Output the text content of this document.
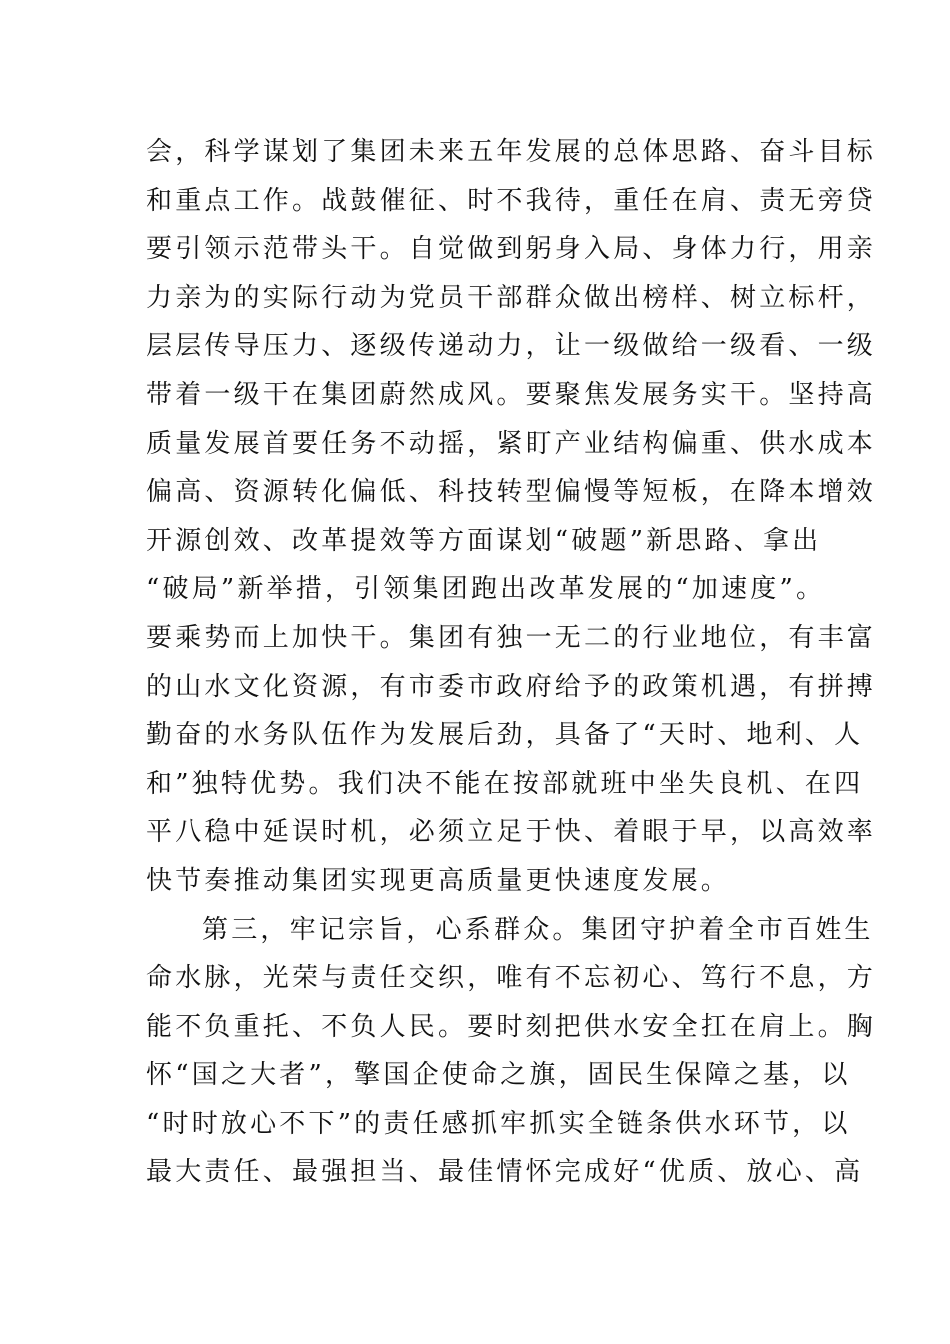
会，科学谋划了集团未来五年发展的总体思路、奋斗目标
和重点工作。战鼓催征、时不我待，重任在肩、责无旁贷
要引领示范带头干。自觉做到躬身入局、身体力行，用亲
力亲为的实际行动为党员干部群众做出榜样、树立标杆，
层层传导压力、逐级传递动力，让一级做给一级看、一级
带着一级干在集团蔚然成风。要聚焦发展务实干。坚持高
质量发展首要任务不动摇，紧盯产业结构偏重、供水成本
偏高、资源转化偏低、科技转型偏慢等短板，在降本增效
开源创效、改革提效等方面谋划“破题”新思路、拿出
“破局”新举措，引领集团跑出改革发展的“加速度”。
要乘势而上加快干。集团有独一无二的行业地位，有丰富
的山水文化资源，有市委市政府给予的政策机遇，有拼搏
勤奋的水务队伍作为发展后劲，具备了“天时、地利、人
和”独特优势。我们决不能在按部就班中坐失良机、在四
平八稳中延误时机，必须立足于快、着眼于早，以高效率
快节奏推动集团实现更高质量更快速度发展。
第三，牢记宗旨，心系群众。集团守护着全市百姓生
命水脉，光荣与责任交织，唯有不忘初心、笃行不息，方
能不负重托、不负人民。要时刻把供水安全扛在肩上。胸
怀“国之大者”，擎国企使命之旗，固民生保障之基，以
“时时放心不下”的责任感抓牢抓实全链条供水环节，以
最大责任、最强担当、最佳情怀完成好“优质、放心、高
